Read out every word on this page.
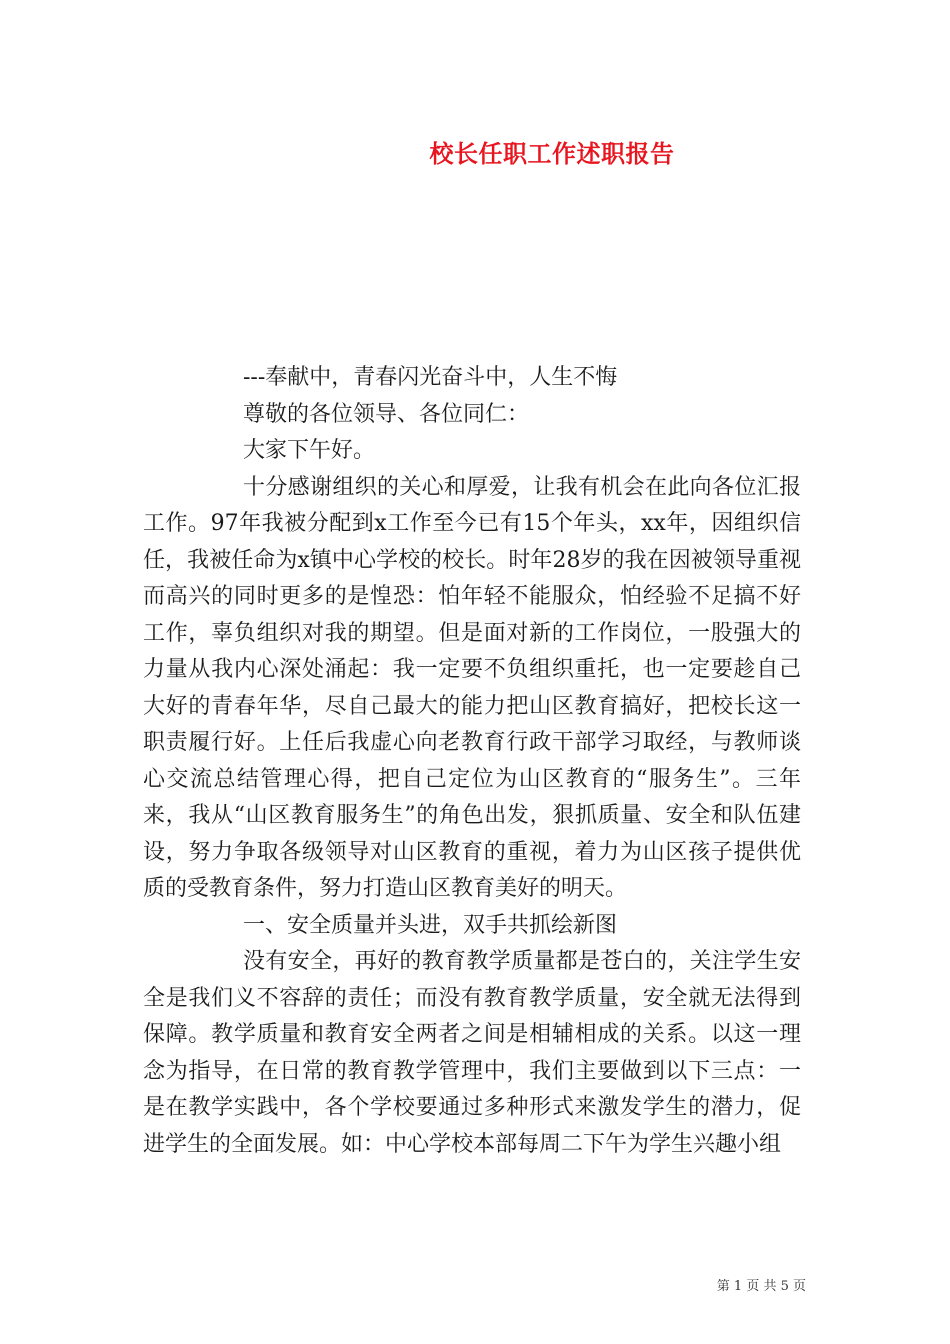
校长任职工作述职报告

---奉献中，青春闪光奋斗中，人生不悔

尊敬的各位领导、各位同仁：

大家下午好。

十分感谢组织的关心和厚爱，让我有机会在此向各位汇报工作。97年我被分配到x工作至今已有15个年头，xx年，因组织信任，我被任命为x镇中心学校的校长。时年28岁的我在因被领导重视而高兴的同时更多的是惶恐：怕年轻不能服众，怕经验不足搞不好工作，辜负组织对我的期望。但是面对新的工作岗位，一股强大的力量从我内心深处涌起：我一定要不负组织重托，也一定要趁自己大好的青春年华，尽自己最大的能力把山区教育搞好，把校长这一职责履行好。上任后我虚心向老教育行政干部学习取经，与教师谈心交流总结管理心得，把自己定位为山区教育的“服务生”。三年来，我从“山区教育服务生”的角色出发，狠抓质量、安全和队伍建设，努力争取各级领导对山区教育的重视，着力为山区孩子提供优质的受教育条件，努力打造山区教育美好的明天。

一、安全质量并头进，双手共抓绘新图

没有安全，再好的教育教学质量都是苍白的，关注学生安全是我们义不容辞的责任；而没有教育教学质量，安全就无法得到保障。教学质量和教育安全两者之间是相辅相成的关系。以这一理念为指导，在日常的教育教学管理中，我们主要做到以下三点：一是在教学实践中，各个学校要通过多种形式来激发学生的潜力，促进学生的全面发展。如：中心学校本部每周二下午为学生兴趣小组

第 1 页 共 5 页
